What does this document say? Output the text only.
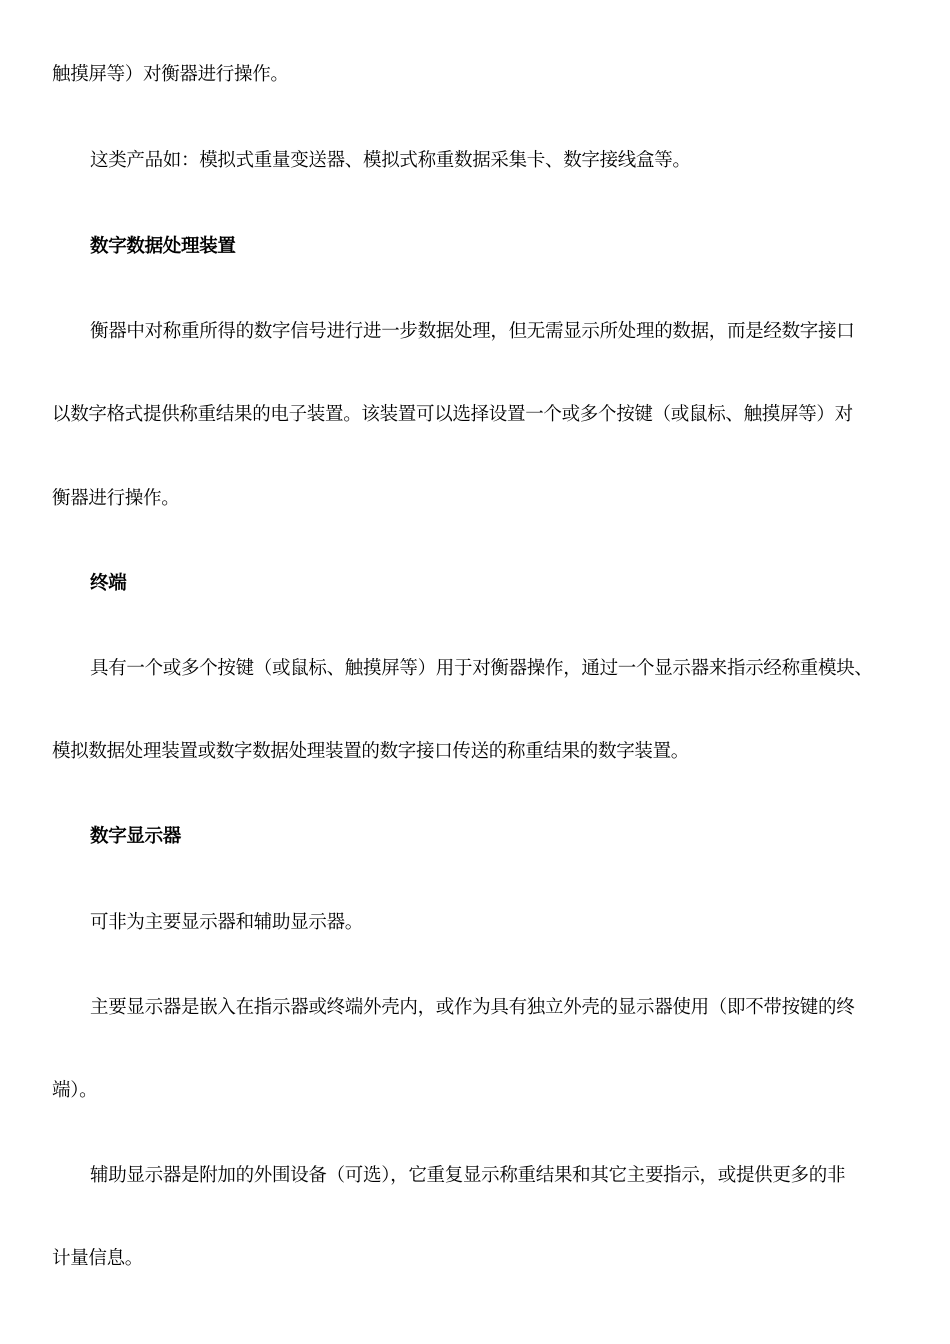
触摸屏等）对衡器进行操作。
这类产品如：模拟式重量变送器、模拟式称重数据采集卡、数字接线盒等。
数字数据处理装置
衡器中对称重所得的数字信号进行进一步数据处理，但无需显示所处理的数据，而是经数字接口
以数字格式提供称重结果的电子装置。该装置可以选择设置一个或多个按键（或鼠标、触摸屏等）对
衡器进行操作。
终端
具有一个或多个按键（或鼠标、触摸屏等）用于对衡器操作，通过一个显示器来指示经称重模块、
模拟数据处理装置或数字数据处理装置的数字接口传送的称重结果的数字装置。
数字显示器
可非为主要显示器和辅助显示器。
主要显示器是嵌入在指示器或终端外壳内，或作为具有独立外壳的显示器使用（即不带按键的终
端）。
辅助显示器是附加的外围设备（可选），它重复显示称重结果和其它主要指示，或提供更多的非
计量信息。
